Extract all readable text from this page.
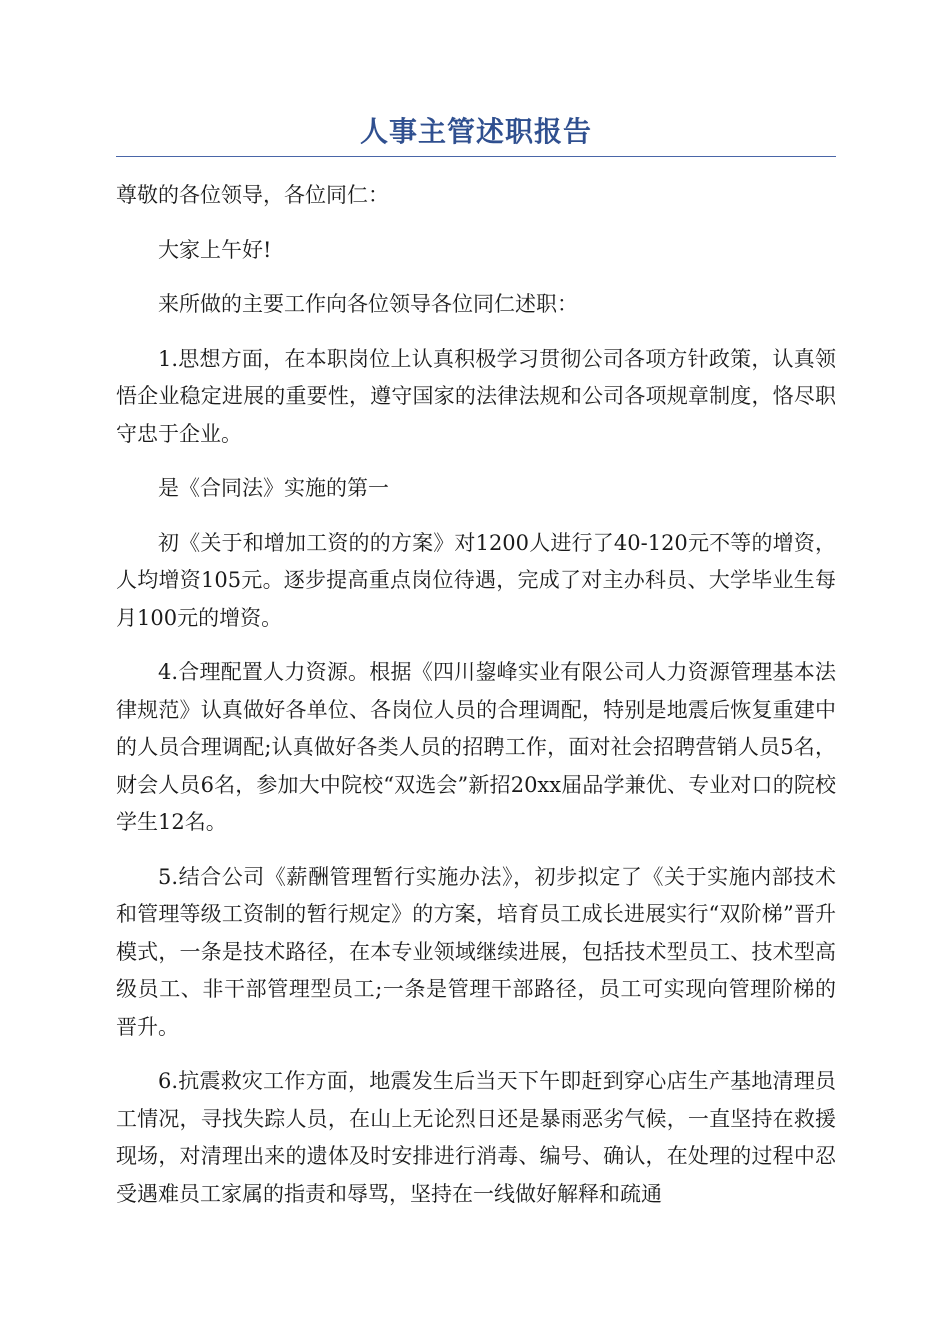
人事主管述职报告

尊敬的各位领导，各位同仁：

大家上午好!

来所做的主要工作向各位领导各位同仁述职：

1.思想方面，在本职岗位上认真积极学习贯彻公司各项方针政策，认真领悟企业稳定进展的重要性，遵守国家的法律法规和公司各项规章制度，恪尽职守忠于企业。

是《合同法》实施的第一

初《关于和增加工资的的方案》对1200人进行了40-120元不等的增资，人均增资105元。逐步提高重点岗位待遇，完成了对主办科员、大学毕业生每月100元的增资。

4.合理配置人力资源。根据《四川鋆峰实业有限公司人力资源管理基本法律规范》认真做好各单位、各岗位人员的合理调配，特别是地震后恢复重建中的人员合理调配;认真做好各类人员的招聘工作，面对社会招聘营销人员5名，财会人员6名，参加大中院校“双选会”新招20xx届品学兼优、专业对口的院校学生12名。

5.结合公司《薪酬管理暂行实施办法》，初步拟定了《关于实施内部技术和管理等级工资制的暂行规定》的方案，培育员工成长进展实行“双阶梯”晋升模式，一条是技术路径，在本专业领域继续进展，包括技术型员工、技术型高级员工、非干部管理型员工;一条是管理干部路径，员工可实现向管理阶梯的晋升。

6.抗震救灾工作方面，地震发生后当天下午即赶到穿心店生产基地清理员工情况，寻找失踪人员，在山上无论烈日还是暴雨恶劣气候，一直坚持在救援现场，对清理出来的遗体及时安排进行消毒、编号、确认，在处理的过程中忍受遇难员工家属的指责和辱骂，坚持在一线做好解释和疏通
